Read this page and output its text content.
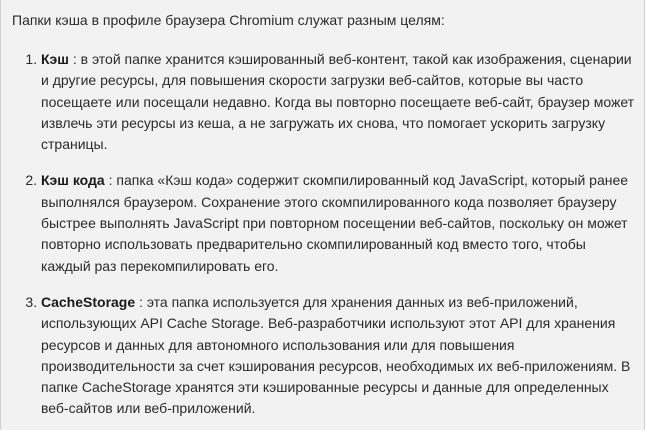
Папки кэша в профиле браузера Chromium служат разным целям:

1. Кэш : в этой папке хранится кэшированный веб-контент, такой как изображения, сценарии и другие ресурсы, для повышения скорости загрузки веб-сайтов, которые вы часто посещаете или посещали недавно. Когда вы повторно посещаете веб-сайт, браузер может извлечь эти ресурсы из кеша, а не загружать их снова, что помогает ускорить загрузку страницы.
2. Кэш кода : папка «Кэш кода» содержит скомпилированный код JavaScript, который ранее выполнялся браузером. Сохранение этого скомпилированного кода позволяет браузеру быстрее выполнять JavaScript при повторном посещении веб-сайтов, поскольку он может повторно использовать предварительно скомпилированный код вместо того, чтобы каждый раз перекомпилировать его.
3. CacheStorage : эта папка используется для хранения данных из веб-приложений, использующих API Cache Storage. Веб-разработчики используют этот API для хранения ресурсов и данных для автономного использования или для повышения производительности за счет кэширования ресурсов, необходимых их веб-приложениям. В папке CacheStorage хранятся эти кэшированные ресурсы и данные для определенных веб-сайтов или веб-приложений.
